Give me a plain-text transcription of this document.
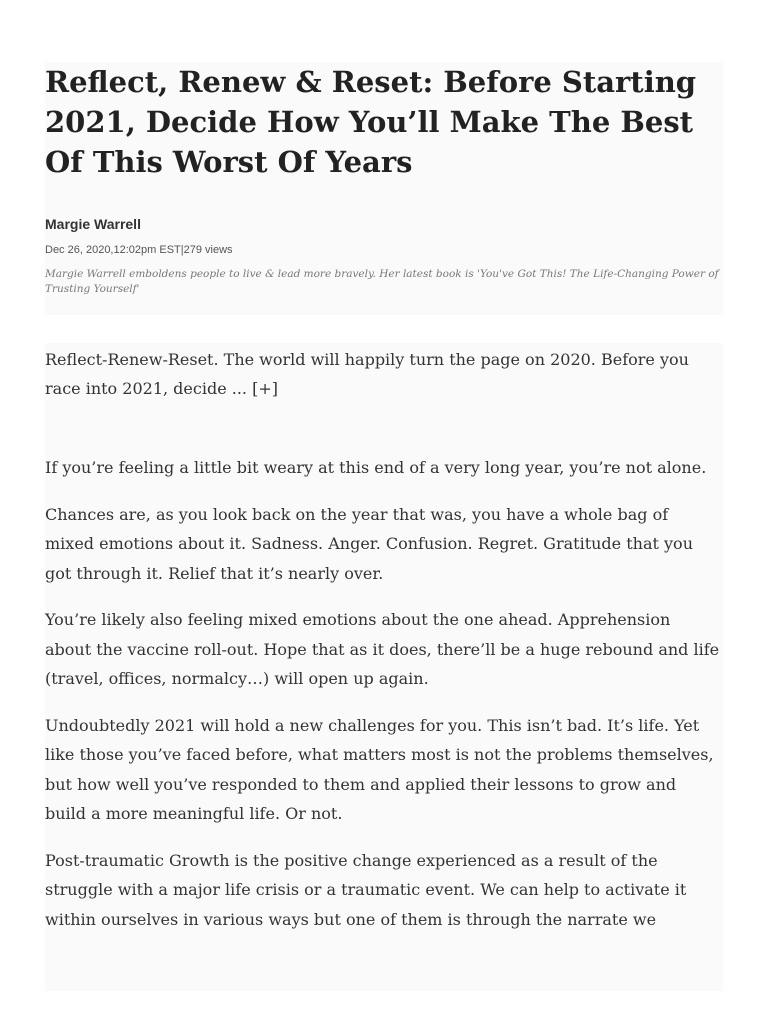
Reflect, Renew & Reset: Before Starting 2021, Decide How You’ll Make The Best Of This Worst Of Years
Margie Warrell
Dec 26, 2020,12:02pm EST|279 views
Margie Warrell emboldens people to live & lead more bravely. Her latest book is 'You've Got This! The Life-Changing Power of Trusting Yourself'
Reflect-Renew-Reset. The world will happily turn the page on 2020. Before you race into 2021, decide ... [+]

If you’re feeling a little bit weary at this end of a very long year, you’re not alone.

Chances are, as you look back on the year that was, you have a whole bag of mixed emotions about it. Sadness. Anger. Confusion. Regret. Gratitude that you got through it. Relief that it’s nearly over.

You’re likely also feeling mixed emotions about the one ahead. Apprehension about the vaccine roll-out. Hope that as it does, there’ll be a huge rebound and life (travel, offices, normalcy…) will open up again.

Undoubtedly 2021 will hold a new challenges for you. This isn’t bad. It’s life. Yet like those you’ve faced before, what matters most is not the problems themselves, but how well you’ve responded to them and applied their lessons to grow and build a more meaningful life. Or not.

Post-traumatic Growth is the positive change experienced as a result of the struggle with a major life crisis or a traumatic event. We can help to activate it within ourselves in various ways but one of them is through the narrate we
